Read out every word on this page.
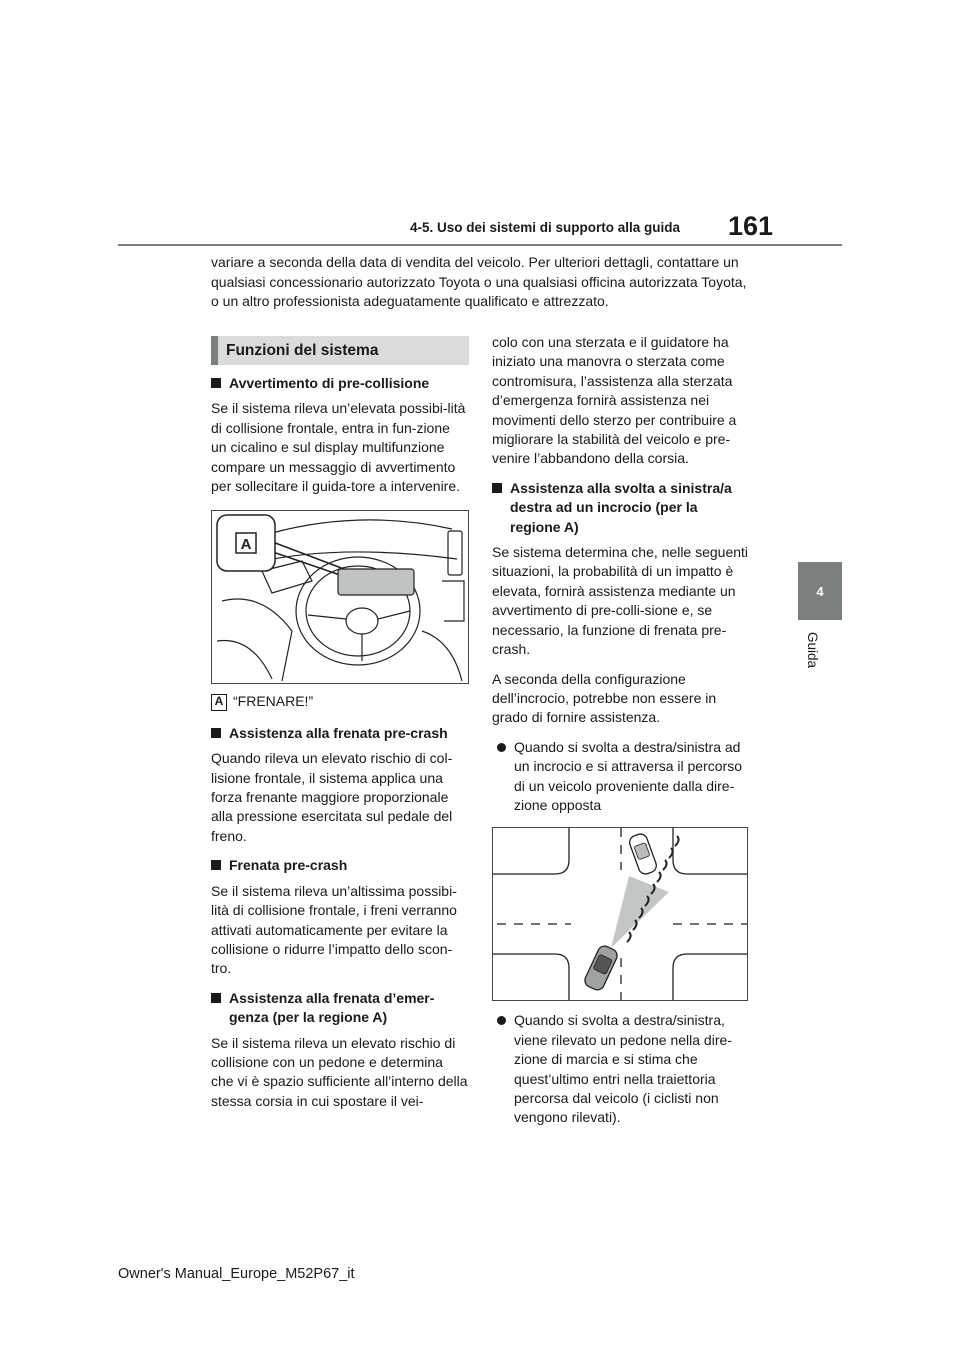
161
4-5. Uso dei sistemi di supporto alla guida
4
Guida
variare a seconda della data di vendita del veicolo. Per ulteriori dettagli, contattare un qualsiasi concessionario autorizzato Toyota o una qualsiasi officina autorizzata Toyota, o un altro professionista adeguatamente qualificato e attrezzato.
Funzioni del sistema
Avvertimento di pre-collisione
Se il sistema rileva un’elevata possibi-lità di collisione frontale, entra in fun-zione un cicalino e sul display multifunzione compare un messaggio di avvertimento per sollecitare il guida-tore a intervenire.
A
A “FRENARE!”
Assistenza alla frenata pre-crash
Quando rileva un elevato rischio di col-lisione frontale, il sistema applica una forza frenante maggiore proporzionale alla pressione esercitata sul pedale del freno.
Frenata pre-crash
Se il sistema rileva un’altissima possibi-lità di collisione frontale, i freni verranno attivati automaticamente per evitare la collisione o ridurre l’impatto dello scon-tro.
Assistenza alla frenata d’emer-genza (per la regione A)
Se il sistema rileva un elevato rischio di collisione con un pedone e determina che vi è spazio sufficiente all’interno della stessa corsia in cui spostare il vei-
colo con una sterzata e il guidatore ha iniziato una manovra o sterzata come contromisura, l’assistenza alla sterzata d’emergenza fornirà assistenza nei movimenti dello sterzo per contribuire a migliorare la stabilità del veicolo e pre-venire l’abbandono della corsia.
Assistenza alla svolta a sinistra/a destra ad un incrocio (per la regione A)
Se sistema determina che, nelle seguenti situazioni, la probabilità di un impatto è elevata, fornirà assistenza mediante un avvertimento di pre-colli-sione e, se necessario, la funzione di frenata pre-crash.
A seconda della configurazione dell’incrocio, potrebbe non essere in grado di fornire assistenza.
Quando si svolta a destra/sinistra ad un incrocio e si attraversa il percorso di un veicolo proveniente dalla dire-zione opposta
Quando si svolta a destra/sinistra, viene rilevato un pedone nella dire-zione di marcia e si stima che quest’ultimo entri nella traiettoria percorsa dal veicolo (i ciclisti non vengono rilevati).
Owner's Manual_Europe_M52P67_it
